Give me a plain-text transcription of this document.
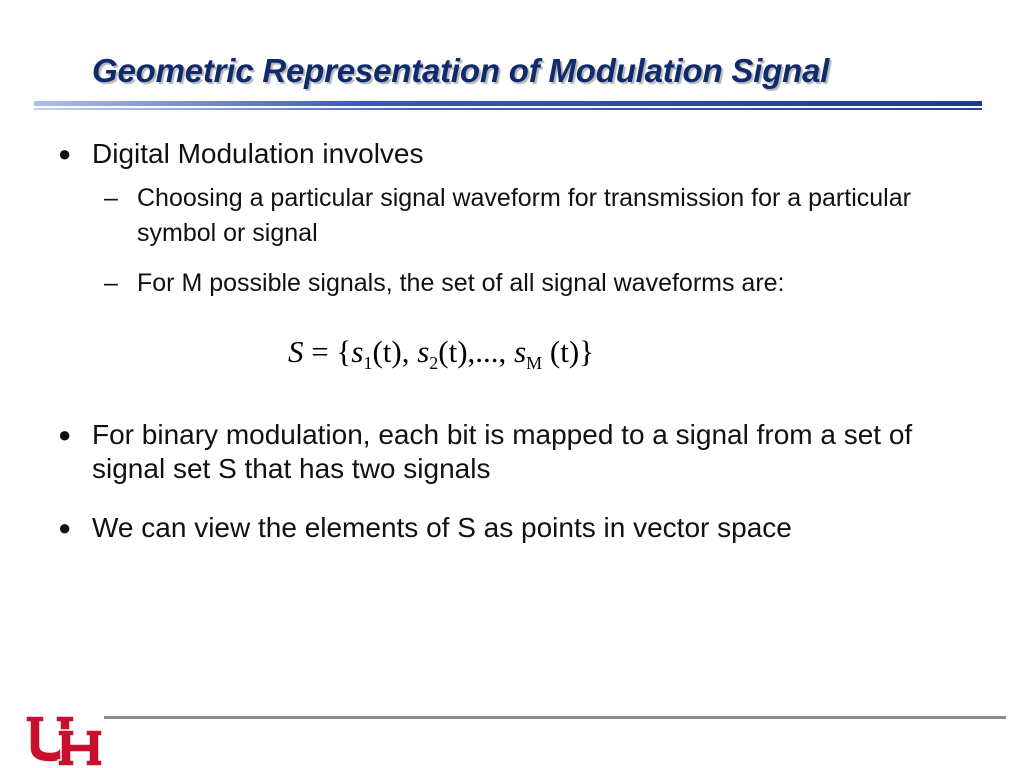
Geometric Representation of Modulation Signal
● Digital Modulation involves
– Choosing a particular signal waveform for transmission for a particular symbol or signal
– For M possible signals, the set of all signal waveforms are:
$S = \{s_1(t)$, $s_2(t)$,..., $s_M$ (t)}
● For binary modulation, each bit is mapped to a signal from a set of signal set S that has two signals
● We can view the elements of S as points in vector space
